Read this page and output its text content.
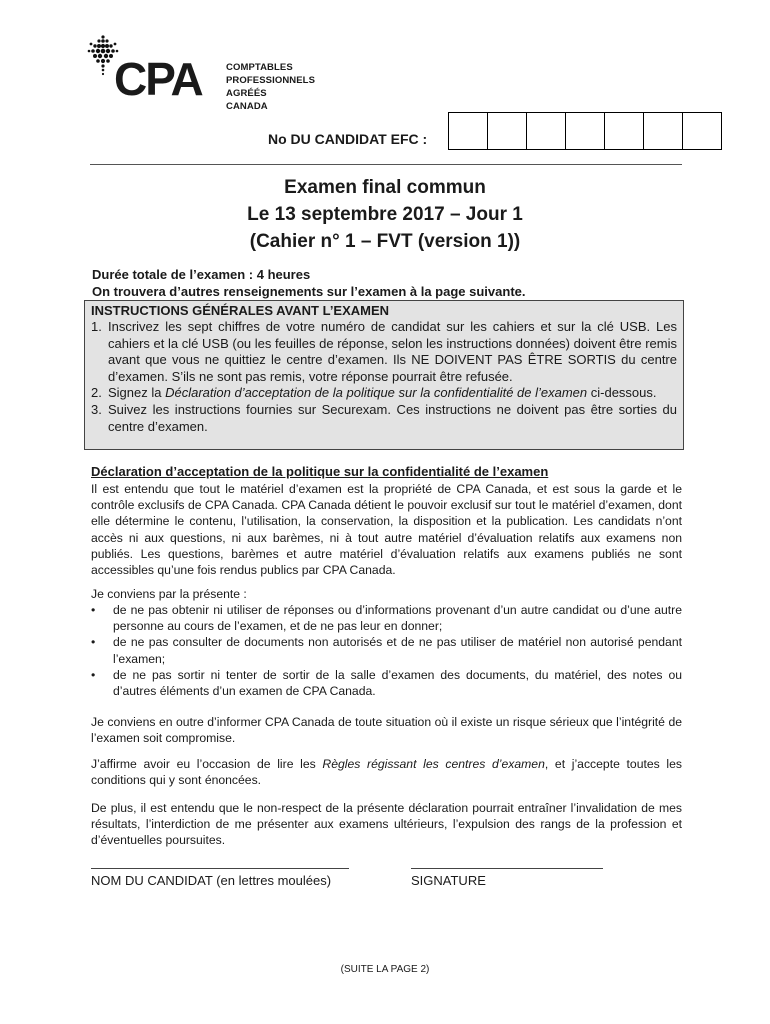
CPA	COMPTABLES
PROFESSIONNELS
AGRÉÉS
CANADA
No DU CANDIDAT EFC :
Examen final commun
Le 13 septembre 2017 – Jour 1
(Cahier n° 1 – FVT (version 1))
Durée totale de l’examen : 4 heures
On trouvera d’autres renseignements sur l’examen à la page suivante.
INSTRUCTIONS GÉNÉRALES AVANT L’EXAMEN
1. Inscrivez les sept chiffres de votre numéro de candidat sur les cahiers et sur la clé USB. Les cahiers et la clé USB (ou les feuilles de réponse, selon les instructions données) doivent être remis avant que vous ne quittiez le centre d’examen. Ils NE DOIVENT PAS ÊTRE SORTIS du centre d’examen. S’ils ne sont pas remis, votre réponse pourrait être refusée.
2. Signez la Déclaration d’acceptation de la politique sur la confidentialité de l’examen ci-dessous.
3. Suivez les instructions fournies sur Securexam. Ces instructions ne doivent pas être sorties du centre d’examen.
Déclaration d’acceptation de la politique sur la confidentialité de l’examen

Il est entendu que tout le matériel d’examen est la propriété de CPA Canada, et est sous la garde et le contrôle exclusifs de CPA Canada. CPA Canada détient le pouvoir exclusif sur tout le matériel d’examen, dont elle détermine le contenu, l’utilisation, la conservation, la disposition et la publication. Les candidats n’ont accès ni aux questions, ni aux barèmes, ni à tout autre matériel d’évaluation relatifs aux examens non publiés. Les questions, barèmes et autre matériel d’évaluation relatifs aux examens publiés ne sont accessibles qu’une fois rendus publics par CPA Canada.

Je conviens par la présente :

• de ne pas obtenir ni utiliser de réponses ou d’informations provenant d’un autre candidat ou d’une autre personne au cours de l’examen, et de ne pas leur en donner;
• de ne pas consulter de documents non autorisés et de ne pas utiliser de matériel non autorisé pendant l’examen;
• de ne pas sortir ni tenter de sortir de la salle d’examen des documents, du matériel, des notes ou d’autres éléments d’un examen de CPA Canada.

Je conviens en outre d’informer CPA Canada de toute situation où il existe un risque sérieux que l’intégrité de l’examen soit compromise.

J’affirme avoir eu l’occasion de lire les Règles régissant les centres d’examen, et j’accepte toutes les conditions qui y sont énoncées.

De plus, il est entendu que le non-respect de la présente déclaration pourrait entraîner l’invalidation de mes résultats, l’interdiction de me présenter aux examens ultérieurs, l’expulsion des rangs de la profession et d’éventuelles poursuites.

NOM DU CANDIDAT (en lettres moulées)	SIGNATURE
(SUITE LA PAGE 2)
